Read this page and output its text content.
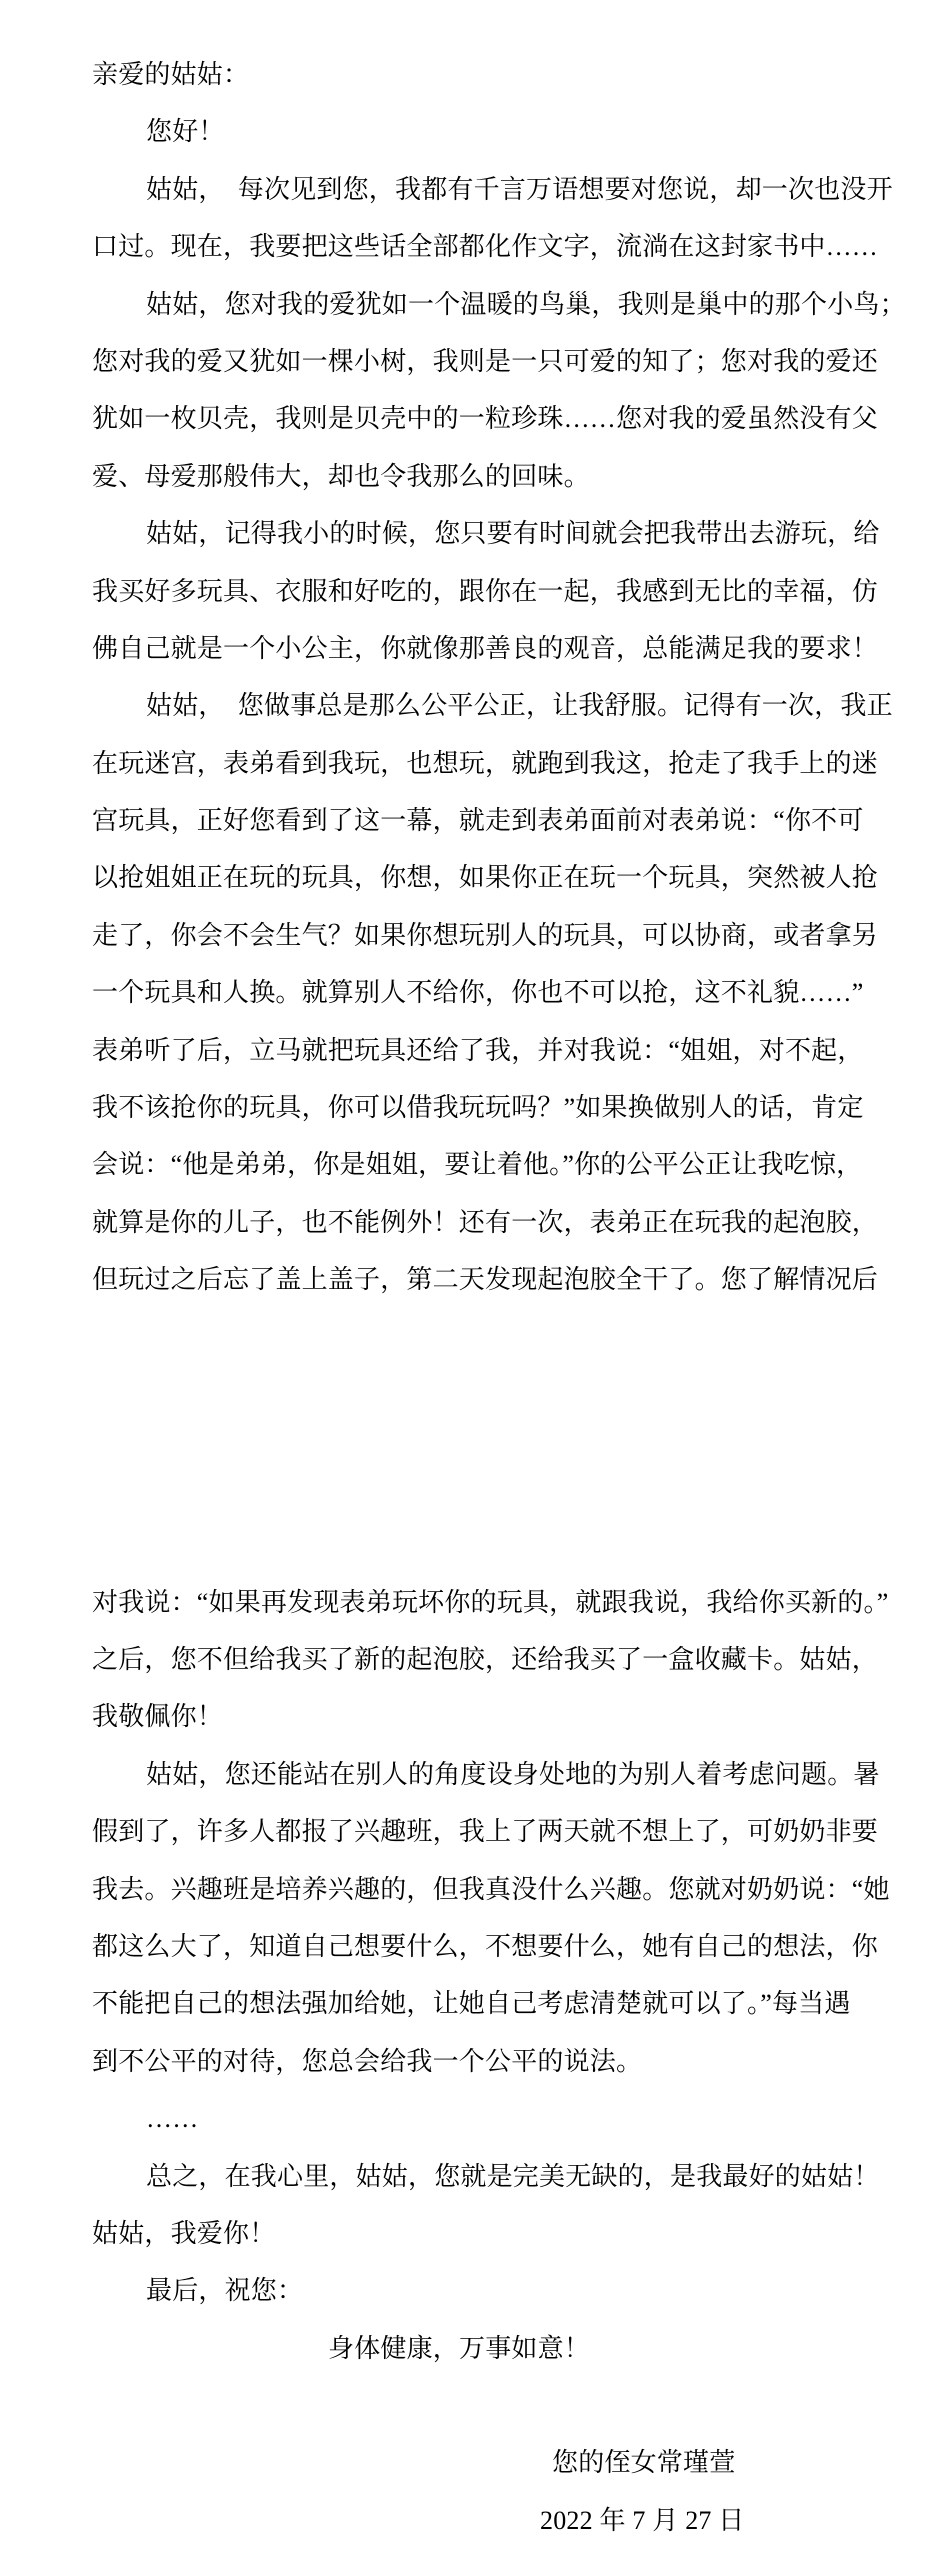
亲爱的姑姑：
您好！
姑姑，　每次见到您，我都有千言万语想要对您说，却一次也没开
口过。现在，我要把这些话全部都化作文字，流淌在这封家书中……
姑姑，您对我的爱犹如一个温暖的鸟巢，我则是巢中的那个小鸟；
您对我的爱又犹如一棵小树，我则是一只可爱的知了；您对我的爱还
犹如一枚贝壳，我则是贝壳中的一粒珍珠……您对我的爱虽然没有父
爱、母爱那般伟大，却也令我那么的回味。
姑姑，记得我小的时候，您只要有时间就会把我带出去游玩，给
我买好多玩具、衣服和好吃的，跟你在一起，我感到无比的幸福，仿
佛自己就是一个小公主，你就像那善良的观音，总能满足我的要求！
姑姑，　您做事总是那么公平公正，让我舒服。记得有一次，我正
在玩迷宫，表弟看到我玩，也想玩，就跑到我这，抢走了我手上的迷
宫玩具，正好您看到了这一幕，就走到表弟面前对表弟说：“你不可
以抢姐姐正在玩的玩具，你想，如果你正在玩一个玩具，突然被人抢
走了，你会不会生气？如果你想玩别人的玩具，可以协商，或者拿另
一个玩具和人换。就算别人不给你，你也不可以抢，这不礼貌……”
表弟听了后，立马就把玩具还给了我，并对我说：“姐姐，对不起，
我不该抢你的玩具，你可以借我玩玩吗？”如果换做别人的话，肯定
会说：“他是弟弟，你是姐姐，要让着他。”你的公平公正让我吃惊，
就算是你的儿子，也不能例外！还有一次，表弟正在玩我的起泡胶，
但玩过之后忘了盖上盖子，第二天发现起泡胶全干了。您了解情况后
对我说：“如果再发现表弟玩坏你的玩具，就跟我说，我给你买新的。”
之后，您不但给我买了新的起泡胶，还给我买了一盒收藏卡。姑姑，
我敬佩你！
姑姑，您还能站在别人的角度设身处地的为别人着考虑问题。暑
假到了，许多人都报了兴趣班，我上了两天就不想上了，可奶奶非要
我去。兴趣班是培养兴趣的，但我真没什么兴趣。您就对奶奶说：“她
都这么大了，知道自己想要什么，不想要什么，她有自己的想法，你
不能把自己的想法强加给她，让她自己考虑清楚就可以了。”每当遇
到不公平的对待，您总会给我一个公平的说法。
……
总之，在我心里，姑姑，您就是完美无缺的，是我最好的姑姑！
姑姑，我爱你！
最后，祝您：
身体健康，万事如意！
您的侄女常瑾萱
2022 年 7 月 27 日
